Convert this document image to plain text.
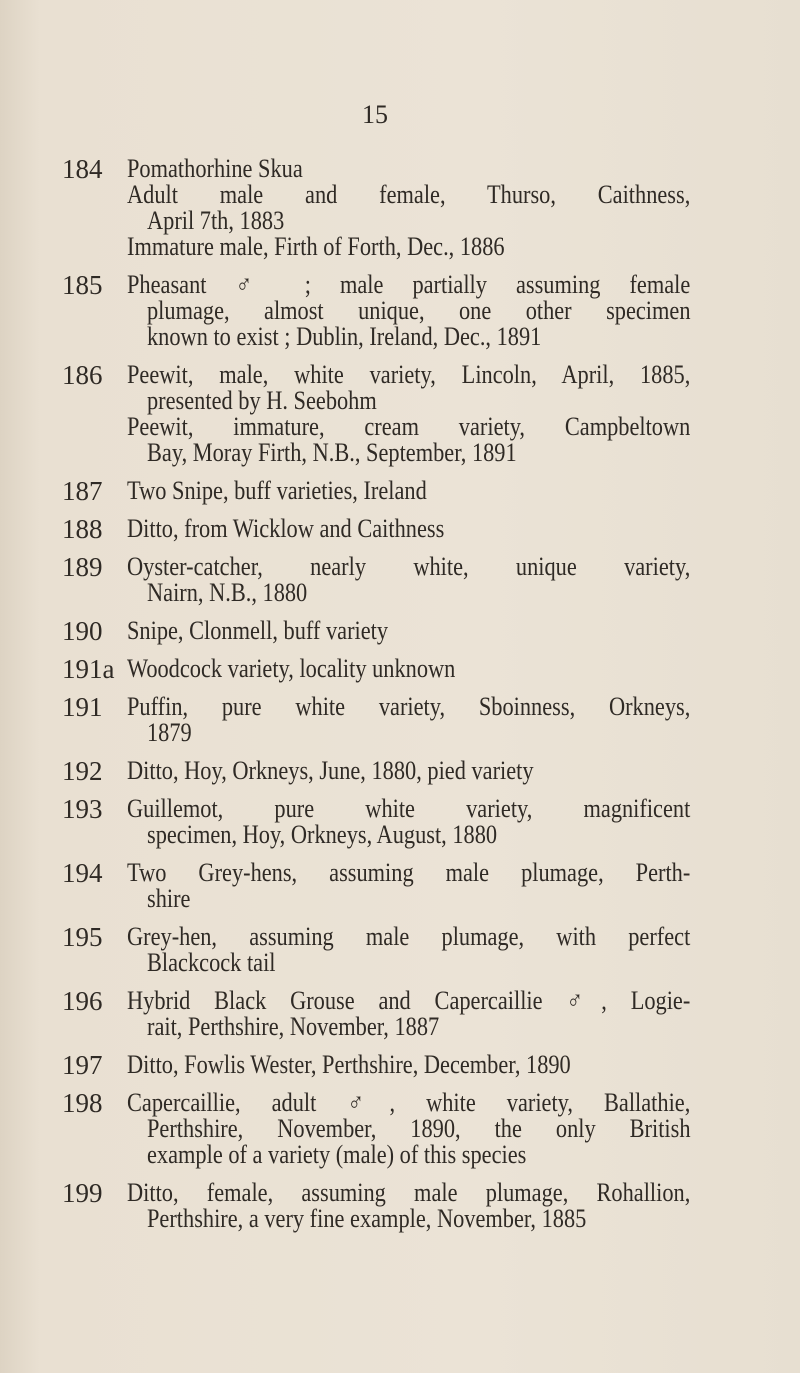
15
184 Pomathorhine Skua
Adult male and female, Thurso, Caithness,
April 7th, 1883
Immature male, Firth of Forth, Dec., 1886
185 Pheasant ♂ ; male partially assuming female
plumage, almost unique, one other specimen
known to exist ; Dublin, Ireland, Dec., 1891
186 Peewit, male, white variety, Lincoln, April, 1885,
presented by H. Seebohm
Peewit, immature, cream variety, Campbeltown
Bay, Moray Firth, N.B., September, 1891
187 Two Snipe, buff varieties, Ireland
188 Ditto, from Wicklow and Caithness
189 Oyster-catcher, nearly white, unique variety,
Nairn, N.B., 1880
190 Snipe, Clonmell, buff variety
191a Woodcock variety, locality unknown
191 Puffin, pure white variety, Sboinness, Orkneys,
1879
192 Ditto, Hoy, Orkneys, June, 1880, pied variety
193 Guillemot, pure white variety, magnificent
specimen, Hoy, Orkneys, August, 1880
194 Two Grey-hens, assuming male plumage, Perth-
shire
195 Grey-hen, assuming male plumage, with perfect
Blackcock tail
196 Hybrid Black Grouse and Capercaillie ♂, Logie-
rait, Perthshire, November, 1887
197 Ditto, Fowlis Wester, Perthshire, December, 1890
198 Capercaillie, adult ♂, white variety, Ballathie,
Perthshire, November, 1890, the only British
example of a variety (male) of this species
199 Ditto, female, assuming male plumage, Rohallion,
Perthshire, a very fine example, November, 1885
